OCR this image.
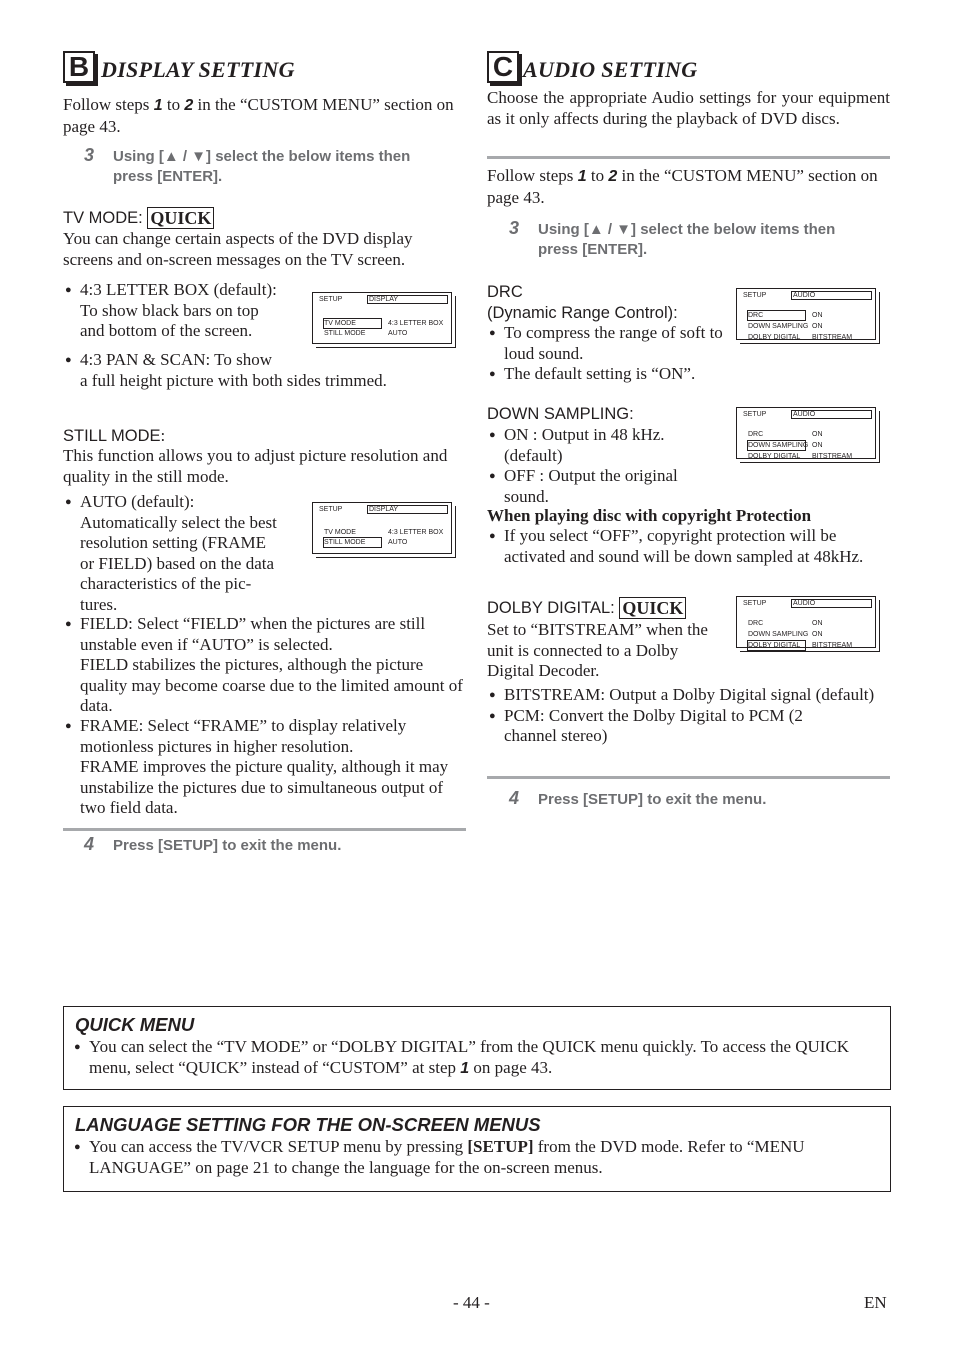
B DISPLAY SETTING
Follow steps 1 to 2 in the “CUSTOM MENU” section on page 43.
3 Using [▲ / ▼] select the below items then press [ENTER].
TV MODE: QUICK
You can change certain aspects of the DVD display screens and on-screen messages on the TV screen.
● 4:3 LETTER BOX (default):
To show black bars on top
and bottom of the screen.
● 4:3 PAN & SCAN: To show
a full height picture with both sides trimmed.
SETUP	DISPLAY
TV MODE	4:3 LETTER BOX
STILL MODE	AUTO
STILL MODE:
This function allows you to adjust picture resolution and quality in the still mode.
● AUTO (default):
Automatically select the best
resolution setting (FRAME
or FIELD) based on the data
characteristics of the pic-
tures.
SETUP	DISPLAY
TV MODE	4:3 LETTER BOX
STILL MODE	AUTO
● FIELD: Select “FIELD” when the pictures are still unstable even if “AUTO” is selected.
FIELD stabilizes the pictures, although the picture quality may become coarse due to the limited amount of data.
● FRAME: Select “FRAME” to display relatively motionless pictures in higher resolution.
FRAME improves the picture quality, although it may unstabilize the pictures due to simultaneous output of two field data.
4 Press [SETUP] to exit the menu.
C AUDIO SETTING
Choose the appropriate Audio settings for your equipment as it only affects during the playback of DVD discs.
Follow steps 1 to 2 in the “CUSTOM MENU” section on page 43.
3 Using [▲ / ▼] select the below items then press [ENTER].
DRC
(Dynamic Range Control):
● To compress the range of soft to loud sound.
● The default setting is “ON”.
SETUP	AUDIO
DRC	ON
DOWN SAMPLING ON
DOLBY DIGITAL BITSTREAM
DOWN SAMPLING:
● ON : Output in 48 kHz. (default)
● OFF : Output the original sound.
SETUP	AUDIO
DRC	ON
DOWN SAMPLING ON
DOLBY DIGITAL BITSTREAM
When playing disc with copyright Protection
● If you select “OFF”, copyright protection will be activated and sound will be down sampled at 48kHz.
DOLBY DIGITAL: QUICK
Set to “BITSTREAM” when the unit is connected to a Dolby Digital Decoder.
● BITSTREAM: Output a Dolby Digital signal (default)
● PCM: Convert the Dolby Digital to PCM (2 channel stereo)
SETUP	AUDIO
DRC	ON
DOWN SAMPLING ON
DOLBY DIGITAL BITSTREAM
4 Press [SETUP] to exit the menu.
QUICK MENU
● You can select the “TV MODE” or “DOLBY DIGITAL” from the QUICK menu quickly. To access the QUICK menu, select “QUICK” instead of “CUSTOM” at step 1 on page 43.
LANGUAGE SETTING FOR THE ON-SCREEN MENUS
● You can access the TV/VCR SETUP menu by pressing [SETUP] from the DVD mode. Refer to “MENU LANGUAGE” on page 21 to change the language for the on-screen menus.
- 44 -	EN
